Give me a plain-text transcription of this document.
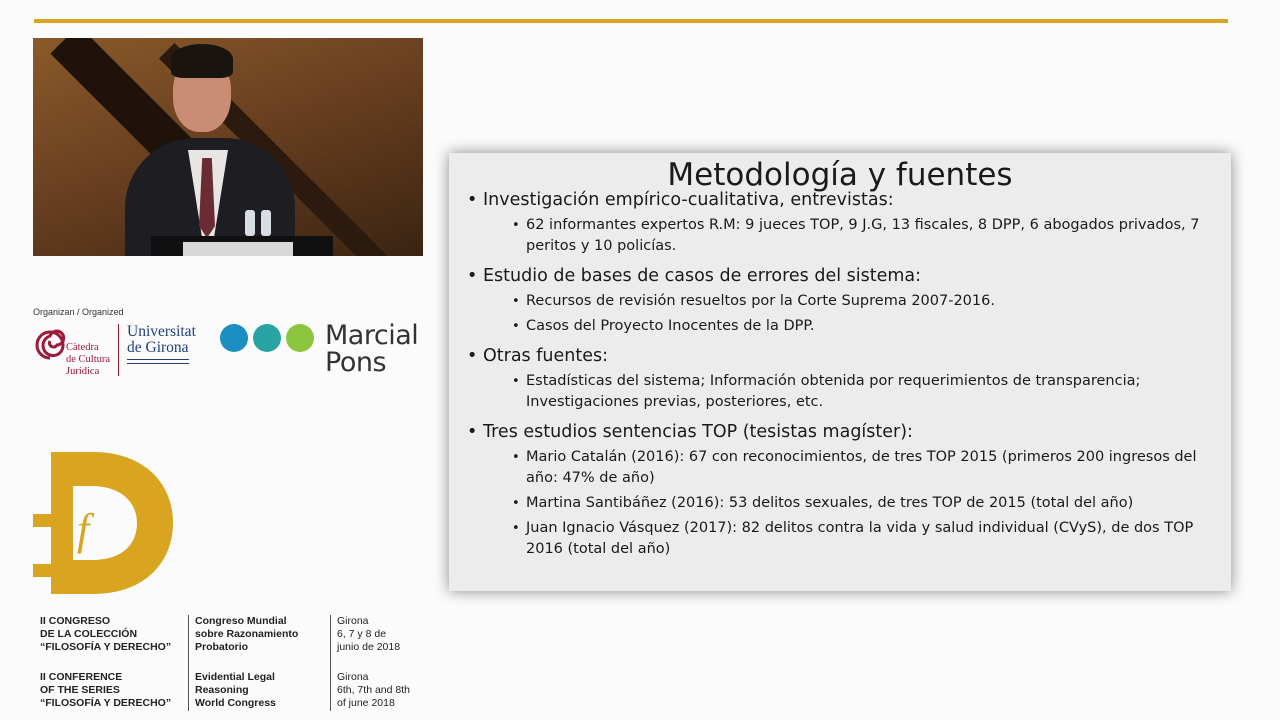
Organizan / Organized
Càtedra
de Cultura
Jurídica
Universitat
de Girona	Marcial
Pons
f
II CONGRESO
DE LA COLECCIÓN
“FILOSOFÍA Y DERECHO”
II CONFERENCE
OF THE SERIES
“FILOSOFÍA Y DERECHO”
Congreso Mundial
sobre Razonamiento
Probatorio
Evidential Legal
Reasoning
World Congress
Girona
6, 7 y 8 de
junio de 2018
Girona
6th, 7th and 8th
of june 2018
Metodología y fuentes
• Investigación empírico-cualitativa, entrevistas:
• 62 informantes expertos R.M: 9 jueces TOP, 9 J.G, 13 fiscales, 8 DPP, 6 abogados privados, 7 peritos y 10 policías.
• Estudio de bases de casos de errores del sistema:
• Recursos de revisión resueltos por la Corte Suprema 2007-2016.
• Casos del Proyecto Inocentes de la DPP.
• Otras fuentes:
• Estadísticas del sistema; Información obtenida por requerimientos de transparencia; Investigaciones previas, posteriores, etc.
• Tres estudios sentencias TOP (tesistas magíster):
• Mario Catalán (2016): 67 con reconocimientos, de tres TOP 2015 (primeros 200 ingresos del año: 47% de año)
• Martina Santibáñez (2016): 53 delitos sexuales, de tres TOP de 2015 (total del año)
• Juan Ignacio Vásquez (2017): 82 delitos contra la vida y salud individual (CVyS), de dos TOP 2016 (total del año)
